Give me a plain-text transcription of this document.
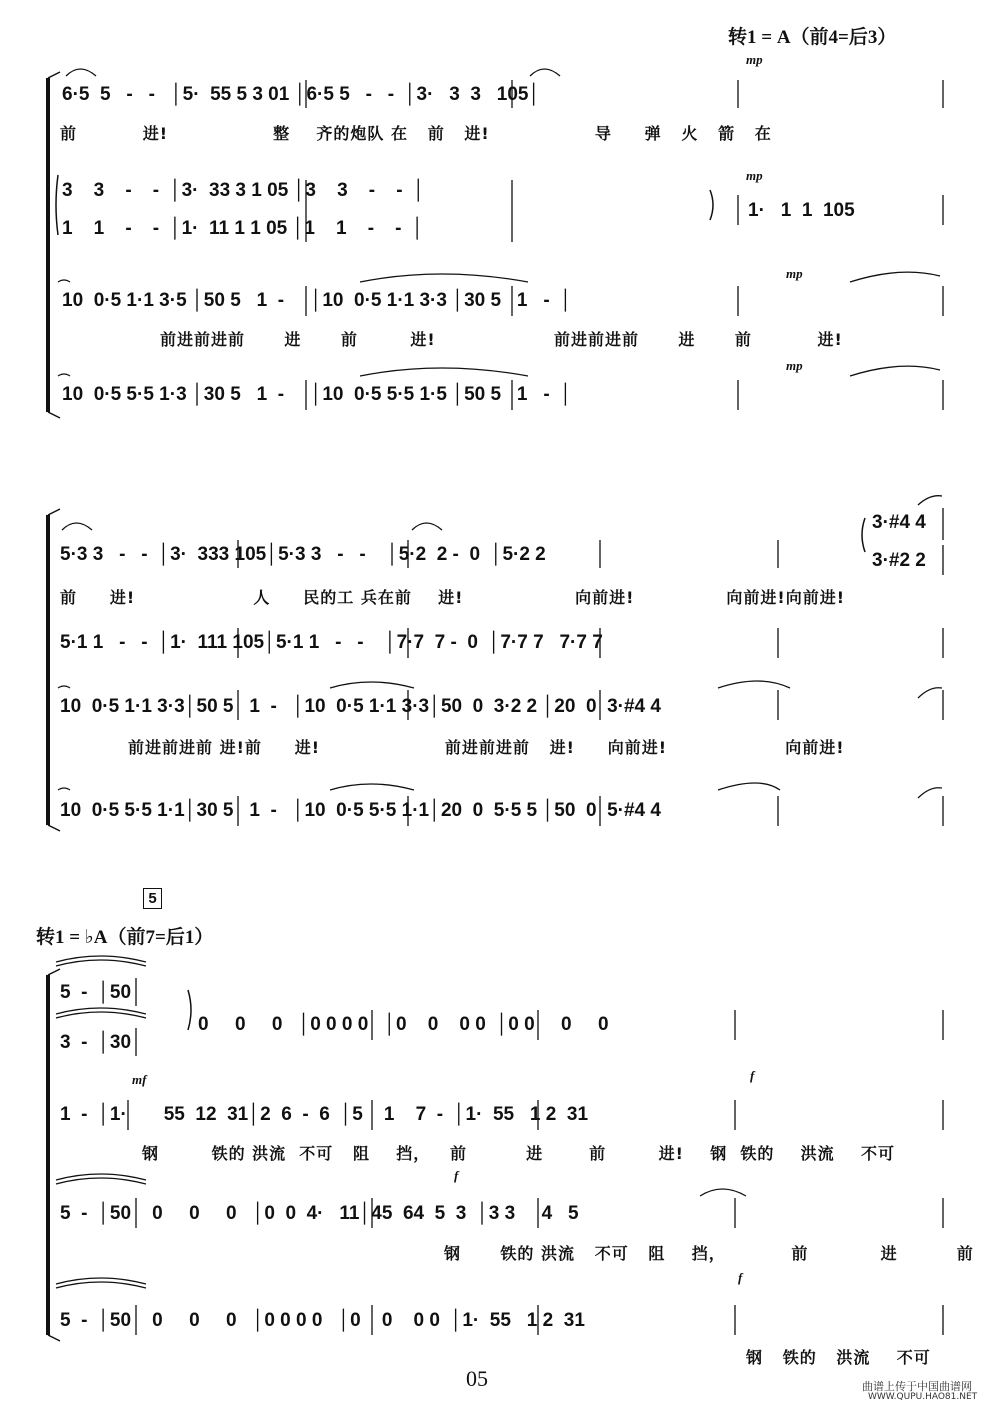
转1 = A（前4=后3）
6·5  5   -   -   │5·  55 5 3 01 │6·5 5   -   -  │3·   3  3   105│
前          进!                整    齐的炮队 在   前   进!                导     弹   火   箭   在
mp
3    3    -    -  │3·  33 3 1 05 │3    3    -    -  │
1    1    -    -  │1·  11 1 1 05 │1    1    -    -  │
1·   1  1  105
mp
10  0·5 1·1 3·5 │50 5   1  -     │10  0·5 1·1 3·3 │30 5   1   -  │
前进前进前      进      前        进!                  前进前进前      进      前          进!
mp
10  0·5 5·5 1·3 │30 5   1  -     │10  0·5 5·5 1·5 │50 5   1   -  │
mp
5·3 3   -   -  │3·  333 105│5·3 3   -   -    │5·2  2 -  0  │5·2 2
3·#4 4
3·#2 2
前     进!                  人     民的工 兵在前    进!                 向前进!              向前进!向前进!
5·1 1   -   -  │1·  111 105│5·1 1   -   -    │7·7  7 -  0  │7·7 7   7·7 7
10  0·5 1·1 3·3│50 5   1  -   │10  0·5 1·1 3·3│50  0  3·2 2 │20  0  3·#4 4
前进前进前 进!前     进!                   前进前进前   进!     向前进!                  向前进!
10  0·5 5·5 1·1│30 5   1  -   │10  0·5 5·5 1·1│20  0  5·5 5 │50  0  5·#4 4
5
转1 = ♭A（前7=后1）
5  -  │50
3  -  │30
0     0     0   │0 0 0 0   │0    0    0 0  │0 0     0     0
mf	f
1  -  │1·       55  12  31│2  6  -  6  │5    1    7  -  │1·  55   1 2  31
钢        铁的 洪流  不可   阻    挡，   前         进       前        进!    钢  铁的    洪流    不可
f
5  -  │50    0     0     0   │0  0  4·   11│45  64  5  3  │3 3     4   5
钢      铁的 洪流   不可   阻    挡，          前           进         前
f
5  -  │50    0     0     0   │0 0 0 0   │0    0    0 0  │1·  55   1 2  31
钢   铁的   洪流    不可
05	曲谱上传于中国曲谱网
WWW.QUPU.HAO81.NET
